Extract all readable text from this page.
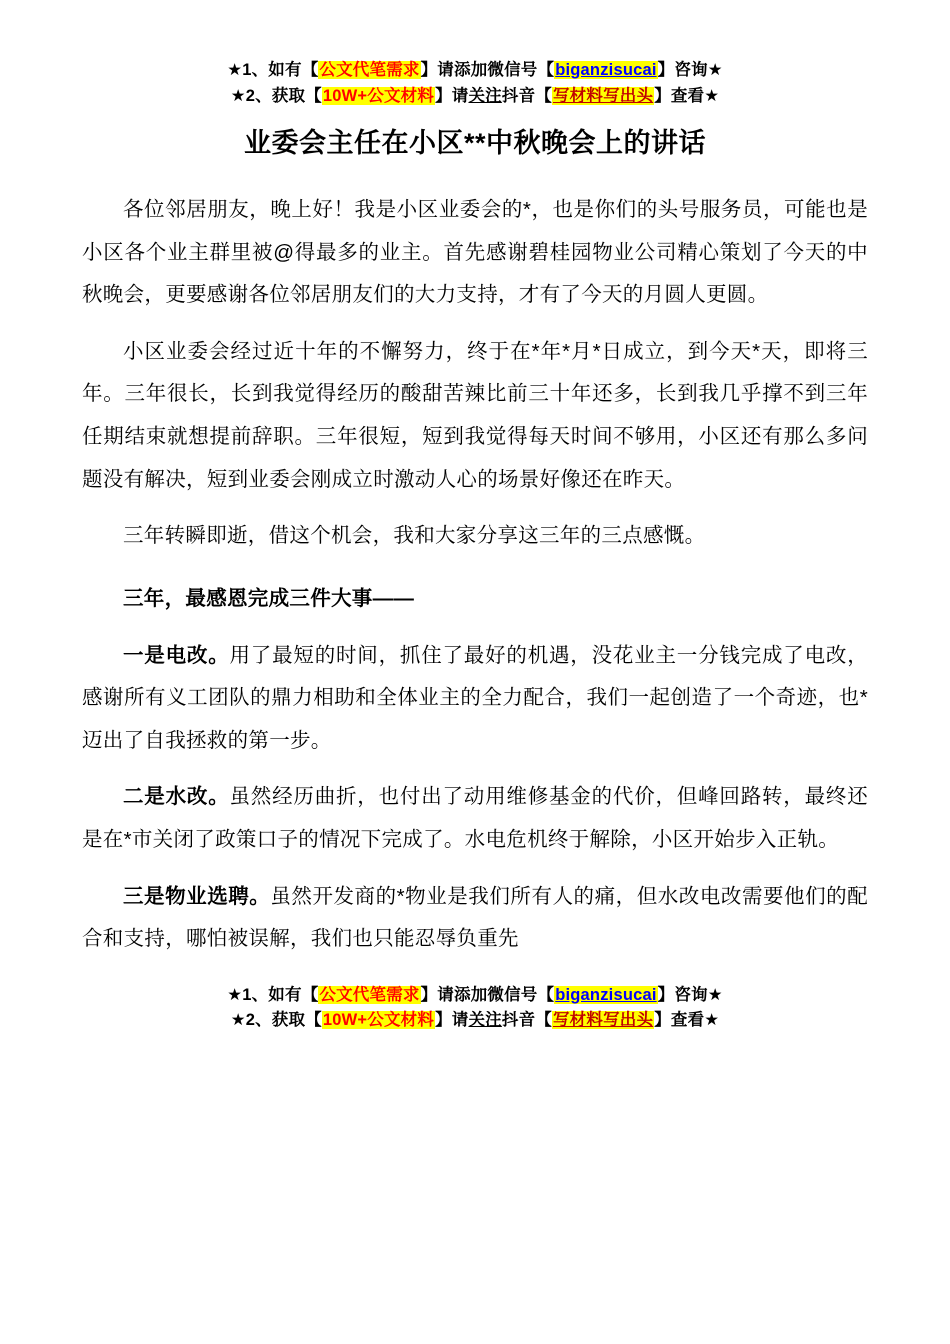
★1、如有【公文代笔需求】请添加微信号【biganzisucai】咨询★
★2、获取【10W+公文材料】请关注抖音【写材料写出头】查看★
业委会主任在小区**中秋晚会上的讲话

各位邻居朋友，晚上好！我是小区业委会的*，也是你们的头号服务员，可能也是小区各个业主群里被@得最多的业主。首先感谢碧桂园物业公司精心策划了今天的中秋晚会，更要感谢各位邻居朋友们的大力支持，才有了今天的月圆人更圆。

小区业委会经过近十年的不懈努力，终于在*年*月*日成立，到今天*天，即将三年。三年很长，长到我觉得经历的酸甜苦辣比前三十年还多，长到我几乎撑不到三年任期结束就想提前辞职。三年很短，短到我觉得每天时间不够用，小区还有那么多问题没有解决，短到业委会刚成立时激动人心的场景好像还在昨天。

三年转瞬即逝，借这个机会，我和大家分享这三年的三点感慨。

三年，最感恩完成三件大事——

一是电改。用了最短的时间，抓住了最好的机遇，没花业主一分钱完成了电改，感谢所有义工团队的鼎力相助和全体业主的全力配合，我们一起创造了一个奇迹，也*迈出了自我拯救的第一步。

二是水改。虽然经历曲折，也付出了动用维修基金的代价，但峰回路转，最终还是在*市关闭了政策口子的情况下完成了。水电危机终于解除，小区开始步入正轨。

三是物业选聘。虽然开发商的*物业是我们所有人的痛，但水改电改需要他们的配合和支持，哪怕被误解，我们也只能忍辱负重先

★1、如有【公文代笔需求】请添加微信号【biganzisucai】咨询★
★2、获取【10W+公文材料】请关注抖音【写材料写出头】查看★
